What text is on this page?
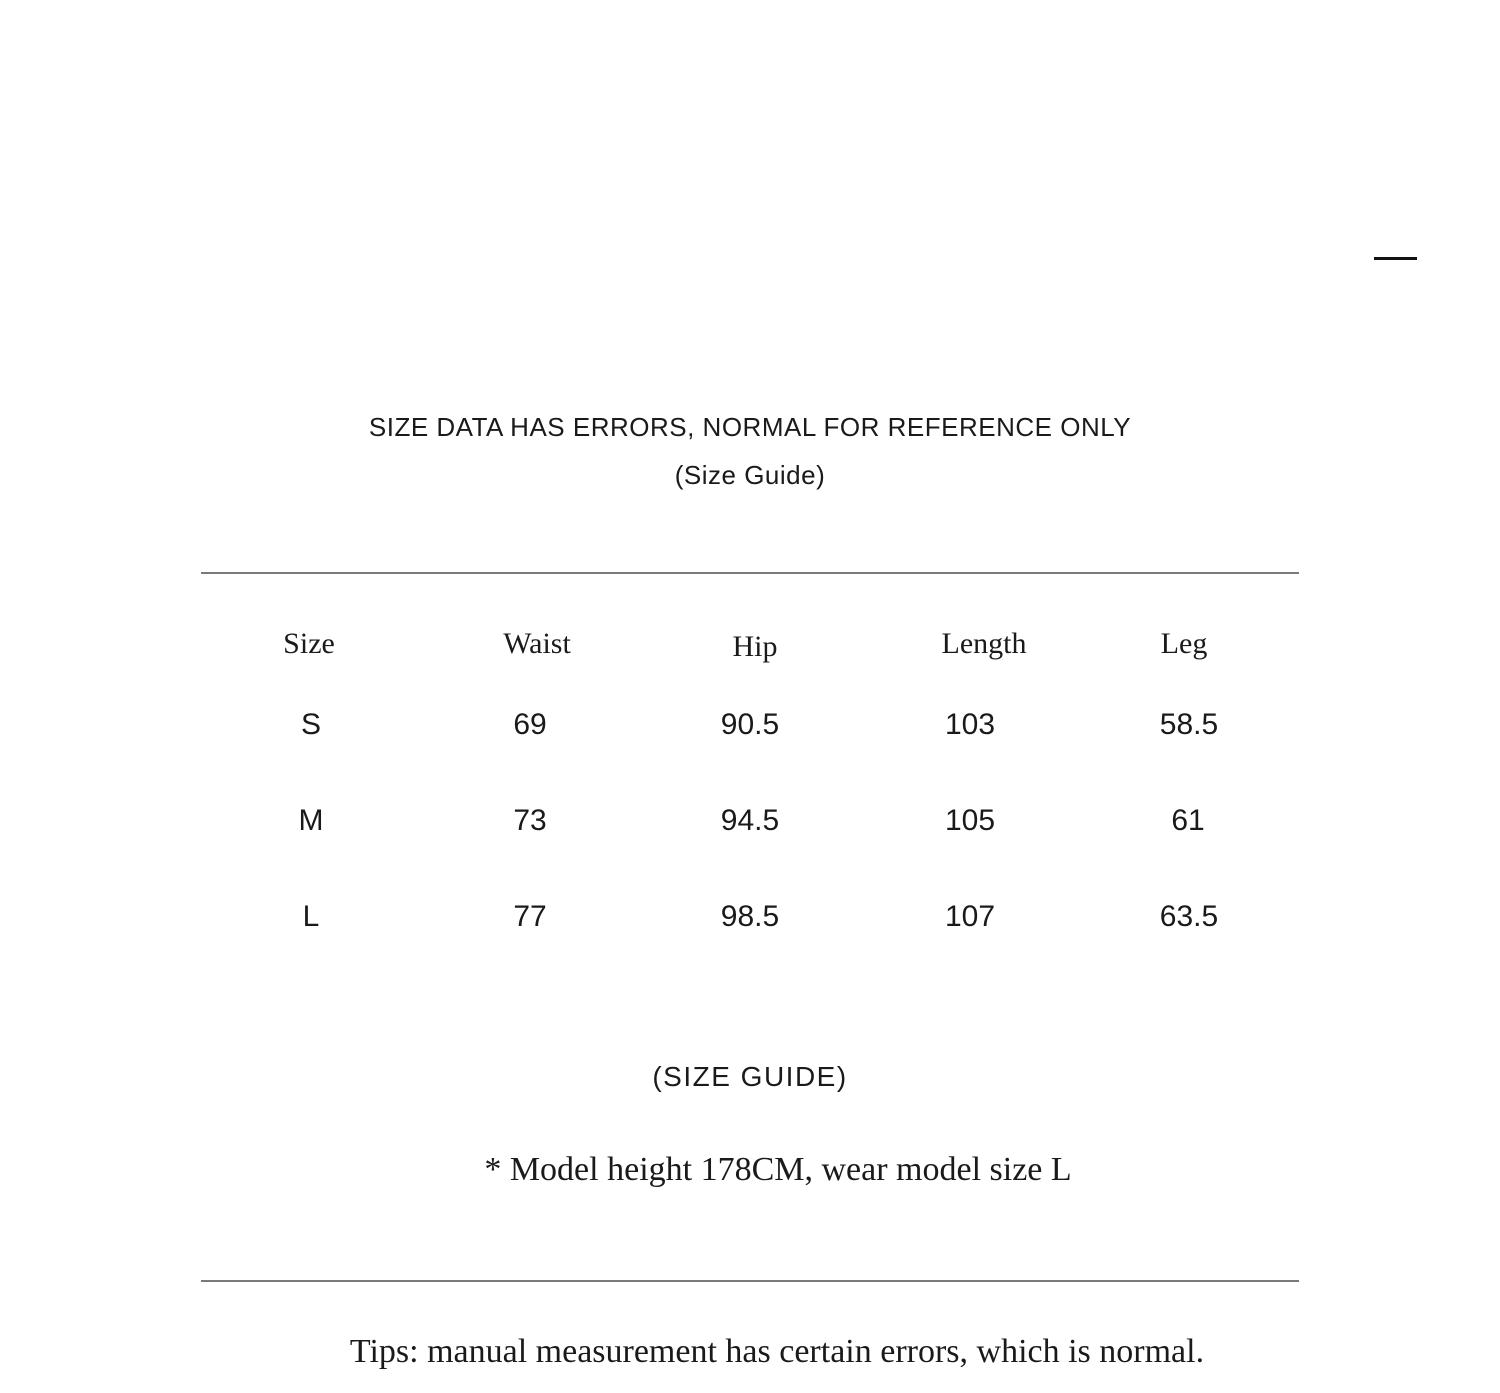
SIZE DATA HAS ERRORS, NORMAL FOR REFERENCE ONLY
(Size Guide)
Size	Waist	Hip	Length	Leg
S	69	90.5	103	58.5
M	73	94.5	105	61
L	77	98.5	107	63.5
(SIZE GUIDE)
* Model height 178CM, wear model size L
Tips: manual measurement has certain errors, which is normal.
